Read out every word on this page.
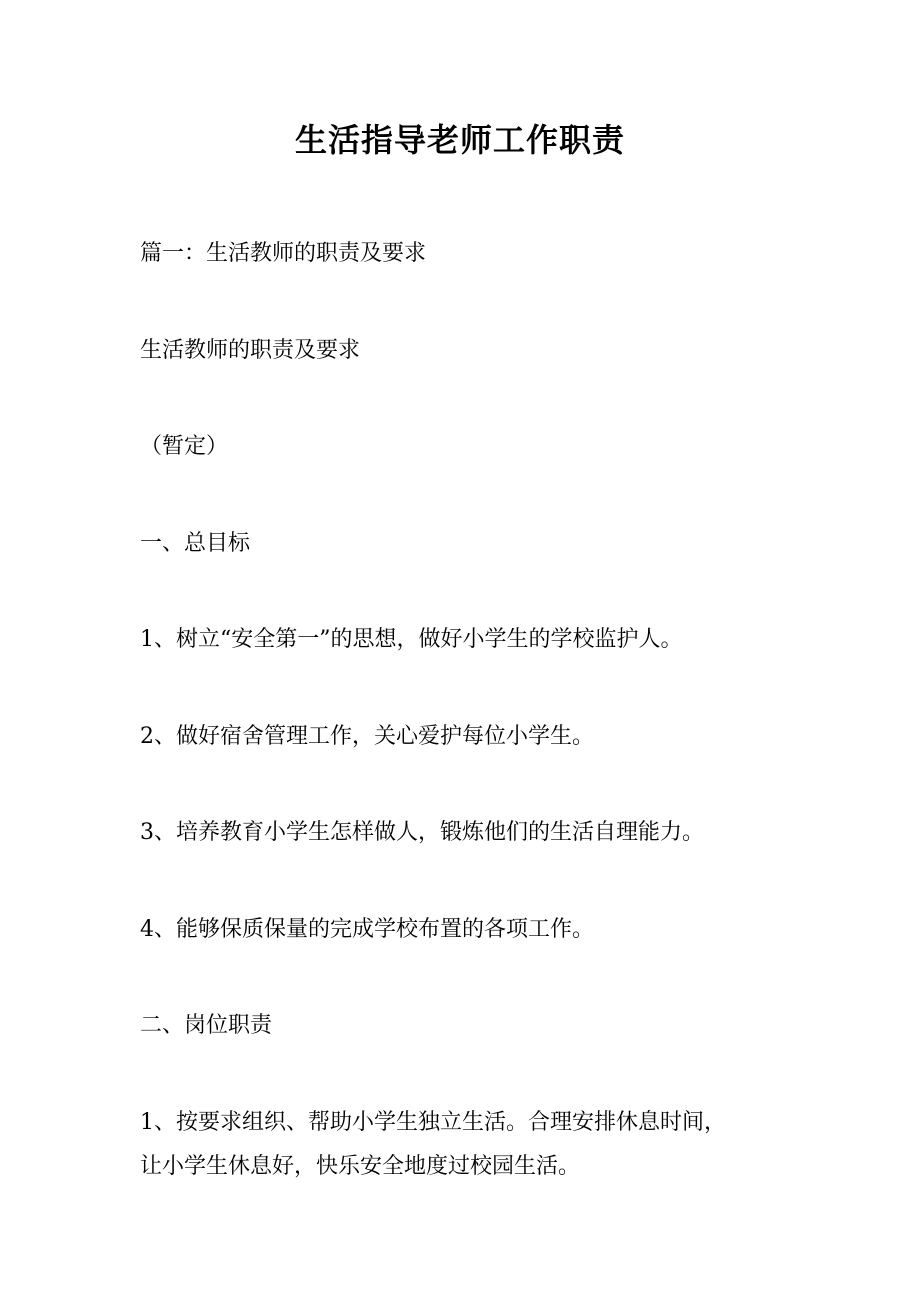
生活指导老师工作职责
篇一：生活教师的职责及要求
生活教师的职责及要求
（暂定）
一、总目标
1、树立“安全第一”的思想，做好小学生的学校监护人。
2、做好宿舍管理工作，关心爱护每位小学生。
3、培养教育小学生怎样做人，锻炼他们的生活自理能力。
4、能够保质保量的完成学校布置的各项工作。
二、岗位职责
1、按要求组织、帮助小学生独立生活。合理安排休息时间，
让小学生休息好，快乐安全地度过校园生活。
